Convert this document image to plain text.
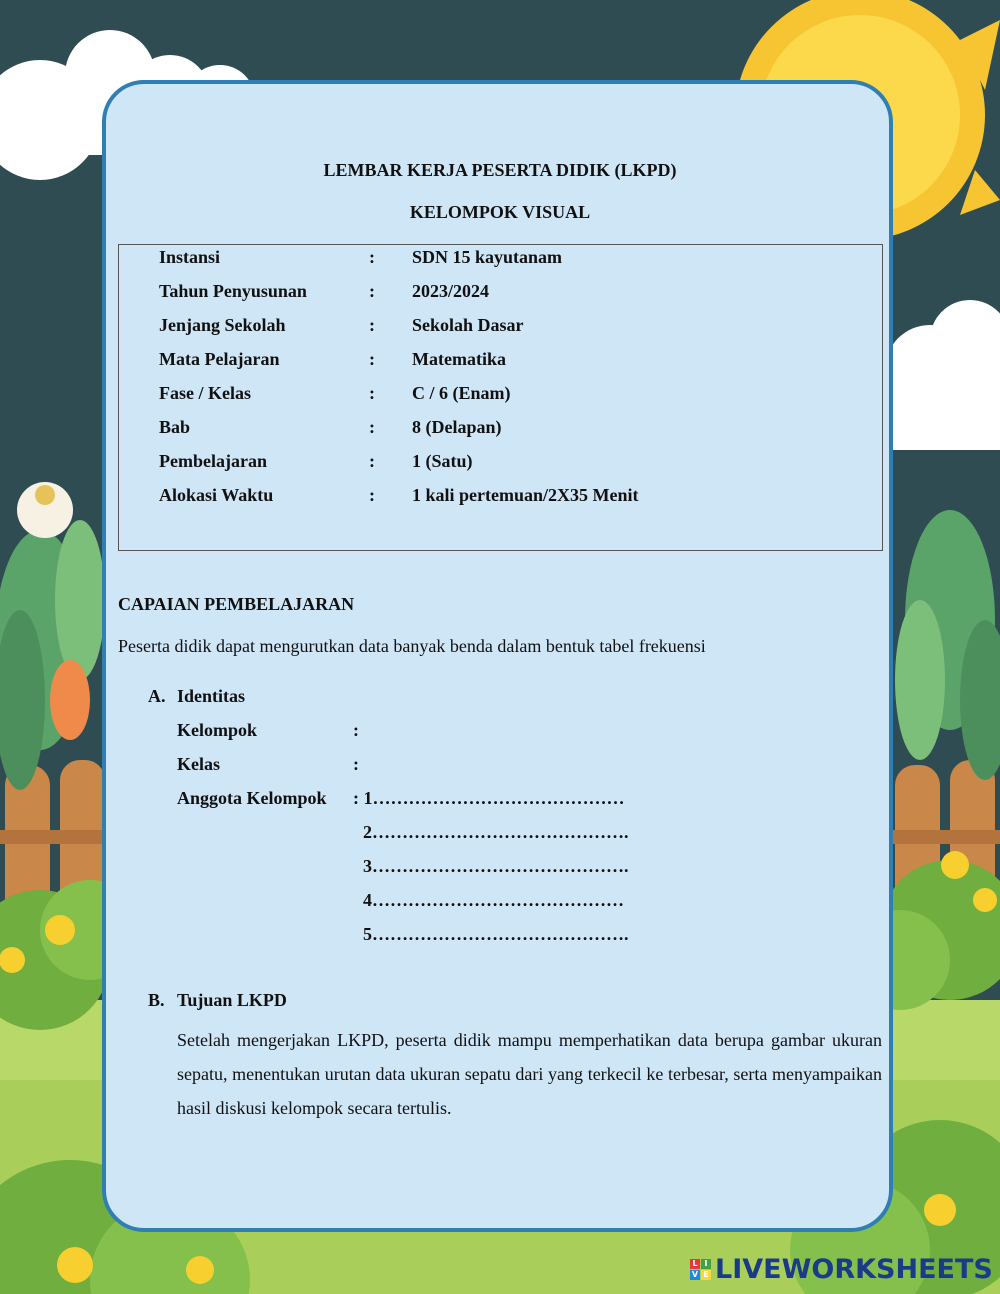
LEMBAR KERJA PESERTA DIDIK (LKPD)
KELOMPOK VISUAL
Instansi	: SDN 15 kayutanam
Tahun Penyusunan	: 2023/2024
Jenjang Sekolah	: Sekolah Dasar
Mata Pelajaran	: Matematika
Fase / Kelas	: C / 6 (Enam)
Bab	: 8 (Delapan)
Pembelajaran	: 1 (Satu)
Alokasi Waktu	: 1 kali pertemuan/2X35 Menit
CAPAIAN PEMBELAJARAN
Peserta didik dapat mengurutkan data banyak benda dalam bentuk tabel frekuensi
A. Identitas
Kelompok	:
Kelas	:
Anggota Kelompok : 1……………………………………
2…………………………………….
3…………………………………….
4……………………………………
5…………………………………….
B. Tujuan LKPD
Setelah mengerjakan LKPD, peserta didik mampu memperhatikan data berupa gambar ukuran sepatu, menentukan urutan data ukuran sepatu dari yang terkecil ke terbesar, serta menyampaikan hasil diskusi kelompok secara tertulis.
L I
V E LIVEWORKSHEETS
